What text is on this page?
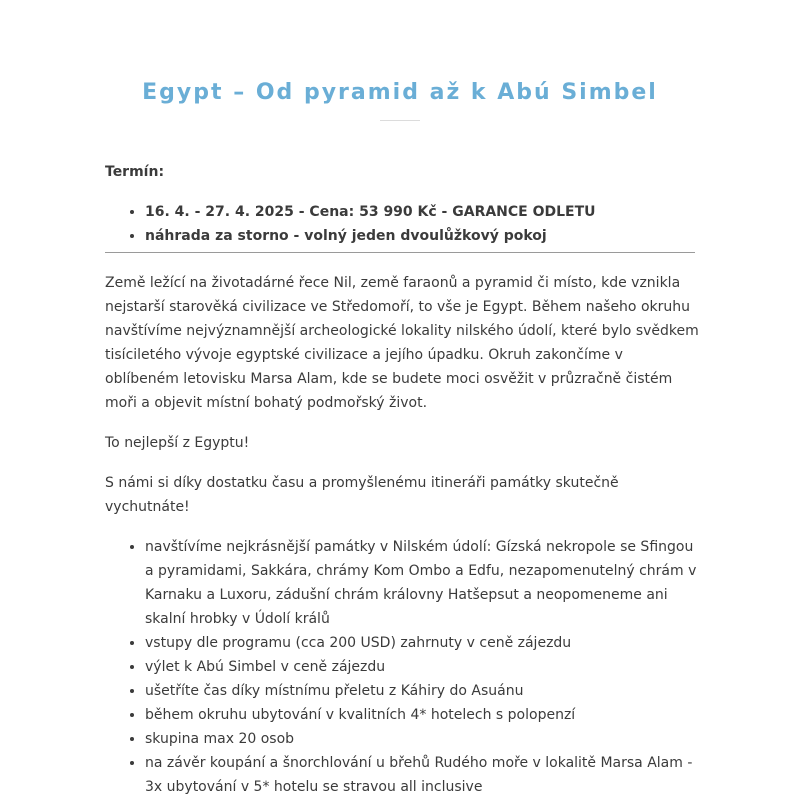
Egypt – Od pyramid až k Abú Simbel
Termín:
• 16. 4. - 27. 4. 2025 - Cena: 53 990 Kč - GARANCE ODLETU
• náhrada za storno - volný jeden dvoulůžkový pokoj

Země ležící na životadárné řece Nil, země faraonů a pyramid či místo, kde vznikla nejstarší starověká civilizace ve Středomoří, to vše je Egypt. Během našeho okruhu navštívíme nejvýznamnější archeologické lokality nilského údolí, které bylo svědkem tisíciletého vývoje egyptské civilizace a jejího úpadku. Okruh zakončíme v oblíbeném letovisku Marsa Alam, kde se budete moci osvěžit v průzračně čistém moři a objevit místní bohatý podmořský život.

To nejlepší z Egyptu!

S námi si díky dostatku času a promyšlenému itineráři památky skutečně vychutnáte!

• navštívíme nejkrásnější památky v Nilském údolí: Gízská nekropole se Sfingou a pyramidami, Sakkára, chrámy Kom Ombo a Edfu, nezapomenutelný chrám v Karnaku a Luxoru, zádušní chrám královny Hatšepsut a neopomeneme ani skalní hrobky v Údolí králů
• vstupy dle programu (cca 200 USD) zahrnuty v ceně zájezdu
• výlet k Abú Simbel v ceně zájezdu
• ušetříte čas díky místnímu přeletu z Káhiry do Asuánu
• během okruhu ubytování v kvalitních 4* hotelech s polopenzí
• skupina max 20 osob
• na závěr koupání a šnorchlování u břehů Rudého moře v lokalitě Marsa Alam - 3x ubytování v 5* hotelu se stravou all inclusive
